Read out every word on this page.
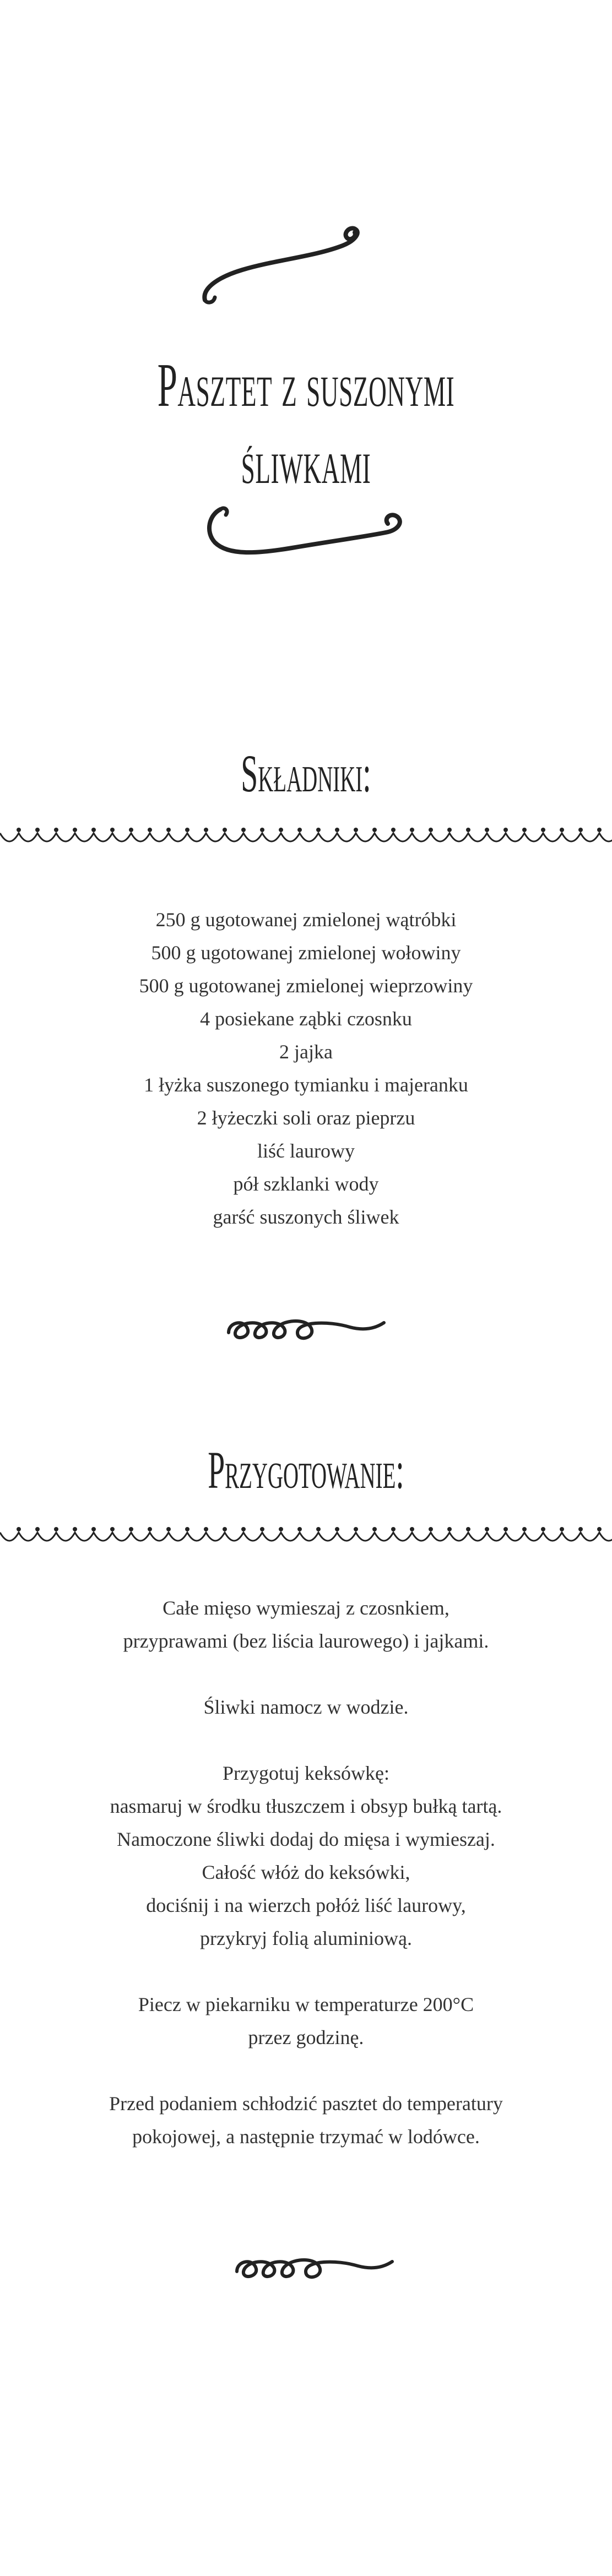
Pasztet z suszonymi
śliwkami
Składniki:
250 g ugotowanej zmielonej wątróbki
500 g ugotowanej zmielonej wołowiny
500 g ugotowanej zmielonej wieprzowiny
4 posiekane ząbki czosnku
2 jajka
1 łyżka suszonego tymianku i majeranku
2 łyżeczki soli oraz pieprzu
liść laurowy
pół szklanki wody
garść suszonych śliwek
Przygotowanie:
Całe mięso wymieszaj z czosnkiem,
przyprawami (bez liścia laurowego) i jajkami.
Śliwki namocz w wodzie.
Przygotuj keksówkę:
nasmaruj w środku tłuszczem i obsyp bułką tartą.
Namoczone śliwki dodaj do mięsa i wymieszaj.
Całość włóż do keksówki,
dociśnij i na wierzch połóż liść laurowy,
przykryj folią aluminiową.
Piecz w piekarniku w temperaturze 200°C
przez godzinę.
Przed podaniem schłodzić pasztet do temperatury
pokojowej, a następnie trzymać w lodówce.
